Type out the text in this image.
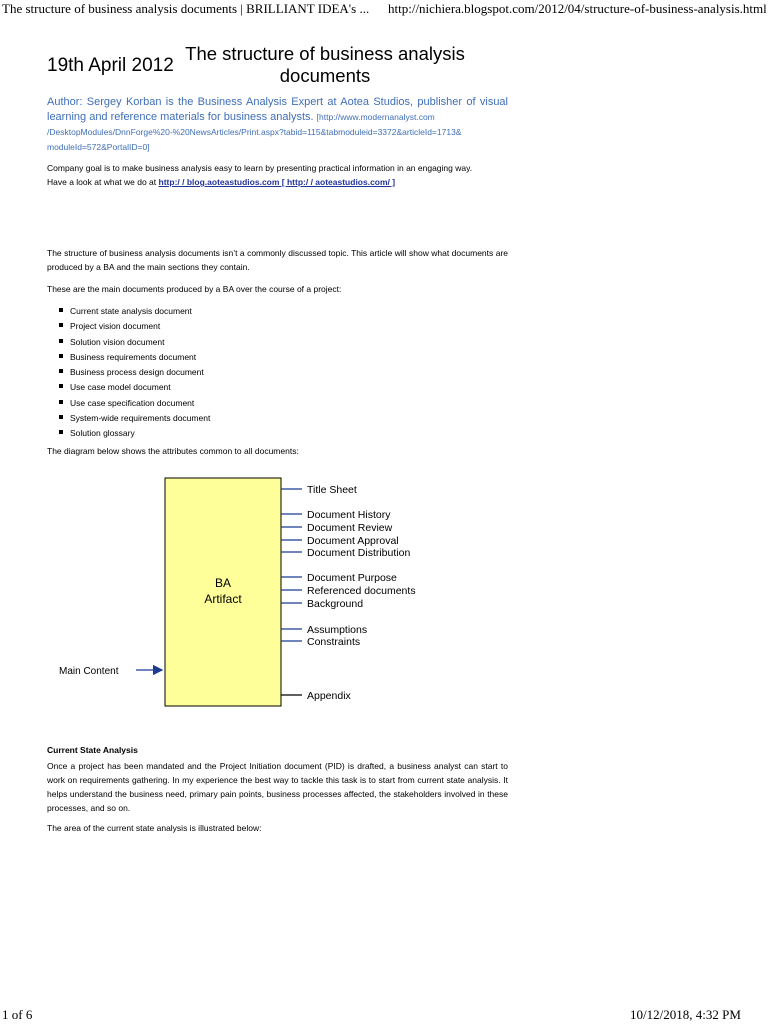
The structure of business analysis documents | BRILLIANT IDEA's ... http://nichiera.blogspot.com/2012/04/structure-of-business-analysis.html
19th April 2012
The structure of business analysis documents
Author: Sergey Korban is the Business Analysis Expert at Aotea Studios, publisher of visual learning and reference materials for business analysts. [http://www.modernanalyst.com
/DesktopModules/DnnForge%20-%20NewsArticles/Print.aspx?tabid=115&tabmoduleid=3372&articleId=1713&
moduleId=572&PortalID=0]
Company goal is to make business analysis easy to learn by presenting practical information in an engaging way.
Have a look at what we do at http:/ / blog.aoteastudios.com [ http:/ / aoteastudios.com/ ]
The structure of business analysis documents isn’t a commonly discussed topic. This article will show what documents are produced by a BA and the main sections they contain.
These are the main documents produced by a BA over the course of a project:
Current state analysis document
Project vision document
Solution vision document
Business requirements document
Business process design document
Use case model document
Use case specification document
System-wide requirements document
Solution glossary
The diagram below shows the attributes common to all documents:
BA
Artifact
Main Content
Title Sheet
Document History
Document Review
Document Approval
Document Distribution
Document Purpose
Referenced documents
Background
Assumptions
Constraints
Appendix
Current State Analysis
Once a project has been mandated and the Project Initiation document (PID) is drafted, a business analyst can start to work on requirements gathering. In my experience the best way to tackle this task is to start from current state analysis. It helps understand the business need, primary pain points, business processes affected, the stakeholders involved in these processes, and so on.
The area of the current state analysis is illustrated below:
1 of 6	10/12/2018, 4:32 PM
